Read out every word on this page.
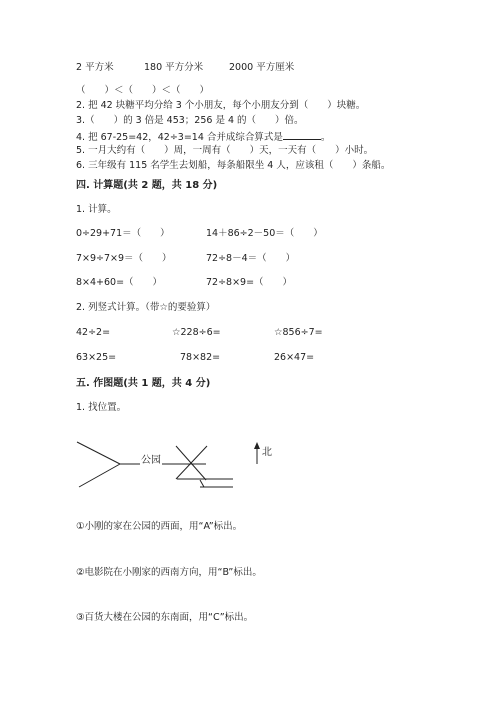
2 平方米	180 平方分米	2000 平方厘米
（　　）＜（　　）＜（　　）
2. 把 42 块糖平均分给 3 个小朋友，每个小朋友分到（　　）块糖。
3.（　　）的 3 倍是 453；256 是 4 的（　　）倍。
4. 把 67-25=42，42÷3=14 合并成综合算式是	。
5. 一月大约有（　　）周，一周有（　　）天，一天有（　　）小时。
6. 三年级有 115 名学生去划船，每条船限坐 4 人，应该租（　　）条船。
四. 计算题(共 2 题，共 18 分)
1. 计算。
0÷29+71＝（　　）	14＋86÷2－50＝（　　）
7×9÷7×9＝（　　）	72÷8－4＝（　　）
8×4+60=（　　）	72÷8×9=（　　）
2. 列竖式计算。（带☆的要验算）
42÷2=	☆228÷6=	☆856÷7=
63×25=	78×82=	26×47=
五. 作图题(共 1 题，共 4 分)
1. 找位置。
公园
北
①小刚的家在公园的西面，用“A”标出。
②电影院在小刚家的西南方向，用“B”标出。
③百货大楼在公园的东南面，用“C”标出。
